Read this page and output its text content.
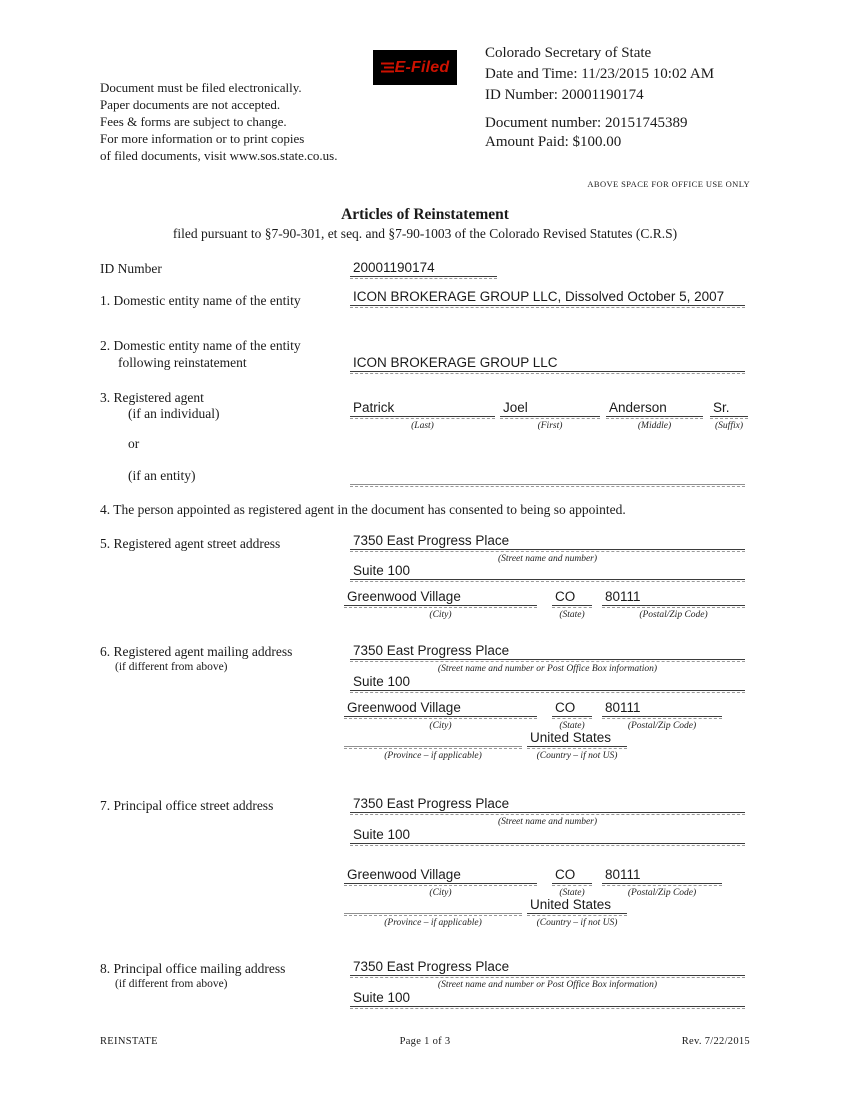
Document must be filed electronically.
Paper documents are not accepted.
Fees & forms are subject to change.
For more information or to print copies
of filed documents, visit www.sos.state.co.us.
E-Filed
Colorado Secretary of State
Date and Time: 11/23/2015 10:02 AM
ID Number: 20001190174
Document number: 20151745389
Amount Paid: $100.00
ABOVE SPACE FOR OFFICE USE ONLY
Articles of Reinstatement
filed pursuant to §7-90-301, et seq. and §7-90-1003 of the Colorado Revised Statutes (C.R.S)
ID Number	20001190174
1. Domestic entity name of the entity	ICON BROKERAGE GROUP LLC, Dissolved October 5, 2007
2. Domestic entity name of the entity
following reinstatement	ICON BROKERAGE GROUP LLC
3. Registered agent
(if an individual)	Patrick
(Last)
Joel
(First)
Anderson
(Middle)
Sr.
(Suffix)
or
(if an entity)
4. The person appointed as registered agent in the document has consented to being so appointed.
5. Registered agent street address	7350 East Progress Place
(Street name and number)
Suite 100
Greenwood Village
(City)
CO
(State)
80111
(Postal/Zip Code)
6. Registered agent mailing address
(if different from above)
7350 East Progress Place
(Street name and number or Post Office Box information)
Suite 100
Greenwood Village
(City)
CO
(State)
80111
(Postal/Zip Code)
(Province – if applicable)
United States
(Country – if not US)
7. Principal office street address	7350 East Progress Place
(Street name and number)
Suite 100
Greenwood Village
(City)
CO
(State)
80111
(Postal/Zip Code)
(Province – if applicable)
United States
(Country – if not US)
8. Principal office mailing address
(if different from above)
7350 East Progress Place
(Street name and number or Post Office Box information)
Suite 100
REINSTATE	Page 1 of 3	Rev. 7/22/2015
